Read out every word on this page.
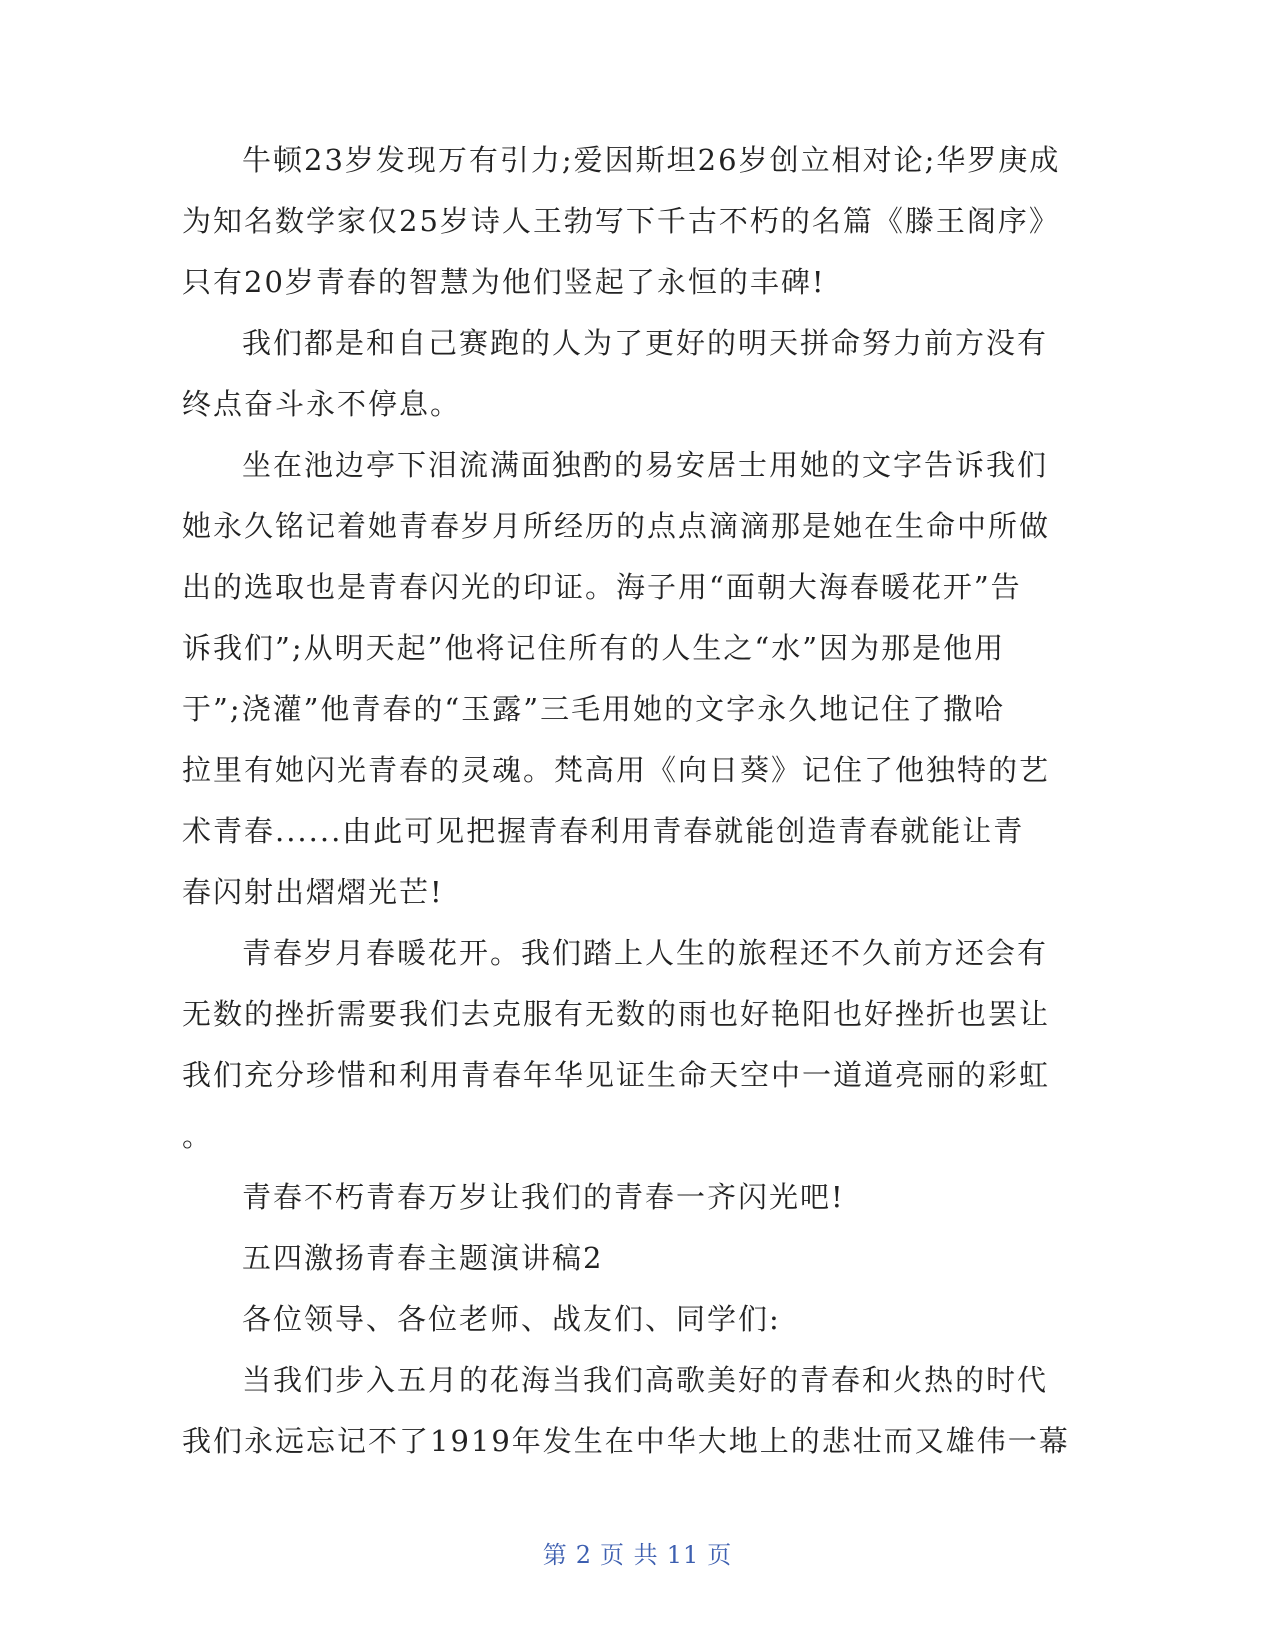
牛顿23岁发现万有引力;爱因斯坦26岁创立相对论;华罗庚成
为知名数学家仅25岁诗人王勃写下千古不朽的名篇《滕王阁序》
只有20岁青春的智慧为他们竖起了永恒的丰碑!
我们都是和自己赛跑的人为了更好的明天拼命努力前方没有
终点奋斗永不停息。
坐在池边亭下泪流满面独酌的易安居士用她的文字告诉我们
她永久铭记着她青春岁月所经历的点点滴滴那是她在生命中所做
出的选取也是青春闪光的印证。海子用“面朝大海春暖花开”告
诉我们”;从明天起”他将记住所有的人生之“水”因为那是他用
于”;浇灌”他青春的“玉露”三毛用她的文字永久地记住了撒哈
拉里有她闪光青春的灵魂。梵高用《向日葵》记住了他独特的艺
术青春......由此可见把握青春利用青春就能创造青春就能让青
春闪射出熠熠光芒!
青春岁月春暖花开。我们踏上人生的旅程还不久前方还会有
无数的挫折需要我们去克服有无数的雨也好艳阳也好挫折也罢让
我们充分珍惜和利用青春年华见证生命天空中一道道亮丽的彩虹
。
青春不朽青春万岁让我们的青春一齐闪光吧!
五四激扬青春主题演讲稿2
各位领导、各位老师、战友们、同学们:
当我们步入五月的花海当我们高歌美好的青春和火热的时代
我们永远忘记不了1919年发生在中华大地上的悲壮而又雄伟一幕
第 2 页 共 11 页
